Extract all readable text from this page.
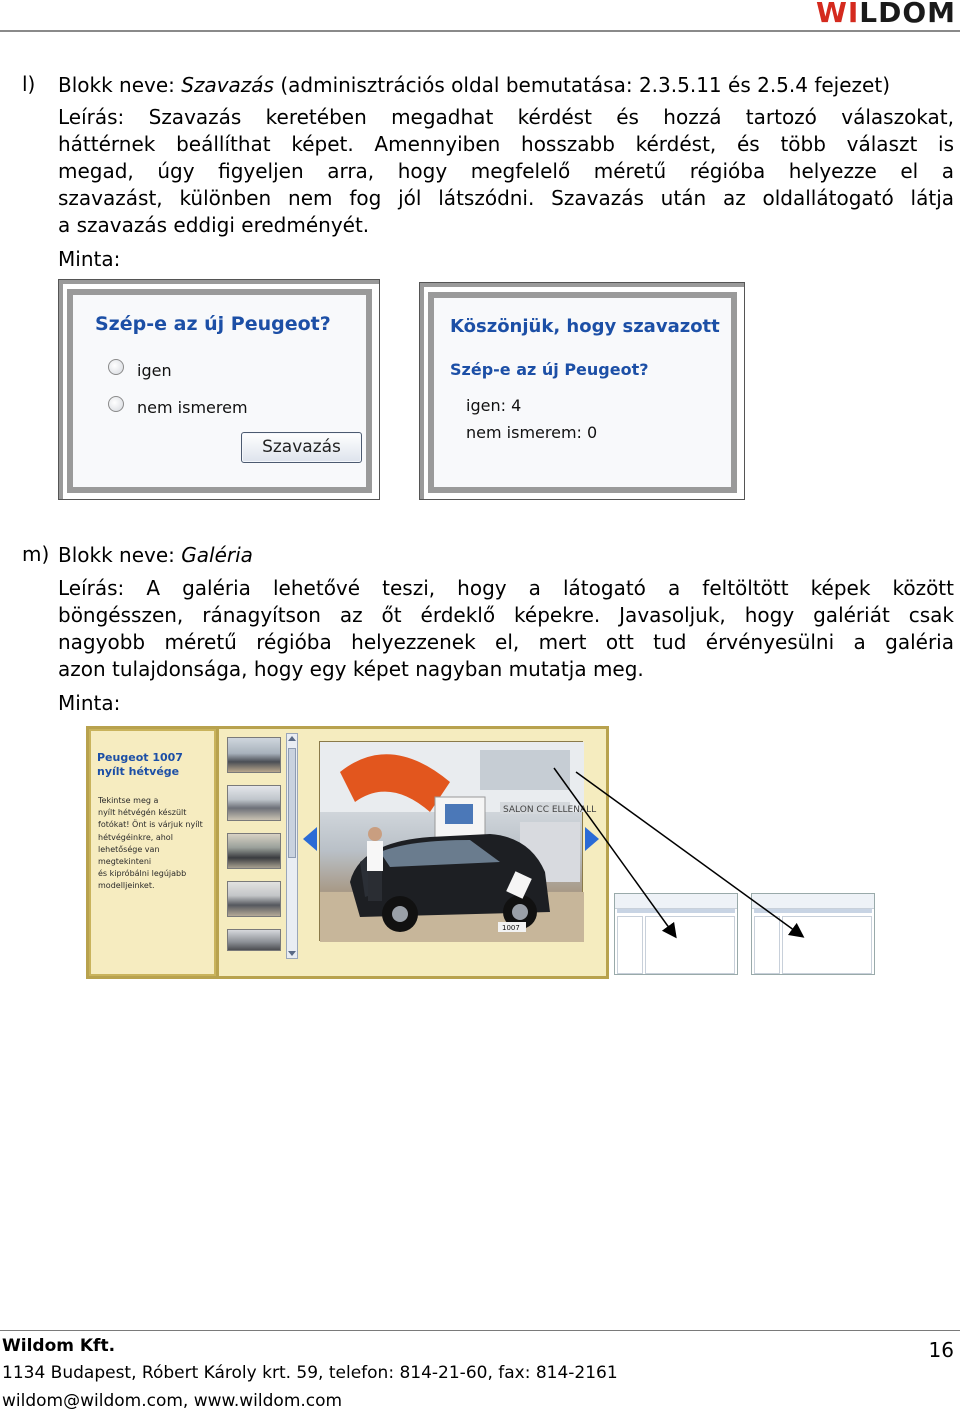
WILDOM
l) Blokk neve: Szavazás (adminisztrációs oldal bemutatása: 2.3.5.11 és 2.5.4 fejezet)
Leírás: Szavazás keretében megadhat kérdést és hozzá tartozó válaszokat,
háttérnek beállíthat képet. Amennyiben hosszabb kérdést, és több választ is
megad, úgy figyeljen arra, hogy megfelelő méretű régióba helyezze el a
szavazást, különben nem fog jól látszódni. Szavazás után az oldallátogató látja
a szavazás eddigi eredményét.
Minta:
Szép-e az új Peugeot?
igen
nem ismerem
Szavazás
Köszönjük, hogy szavazott
Szép-e az új Peugeot?
igen: 4
nem ismerem: 0
m) Blokk neve: Galéria
Leírás: A galéria lehetővé teszi, hogy a látogató a feltöltött képek között
böngésszen, ránagyítson az őt érdeklő képekre. Javasoljuk, hogy galériát csak
nagyobb méretű régióba helyezzenek el, mert ott tud érvényesülni a galéria
azon tulajdonsága, hogy egy képet nagyban mutatja meg.
Minta:
Peugeot 1007 nyílt hétvége
Tekintse meg a
nyílt hétvégén készült
fotókat! Önt is várjuk nyílt
hétvégéinkre, ahol
lehetősége van megtekinteni
és kipróbálni legújabb
modelljeinket.
SALON CC ELLENALL
1007
Wildom Kft.
1134 Budapest, Róbert Károly krt. 59, telefon: 814-21-60, fax: 814-2161
wildom@wildom.com, www.wildom.com
16
